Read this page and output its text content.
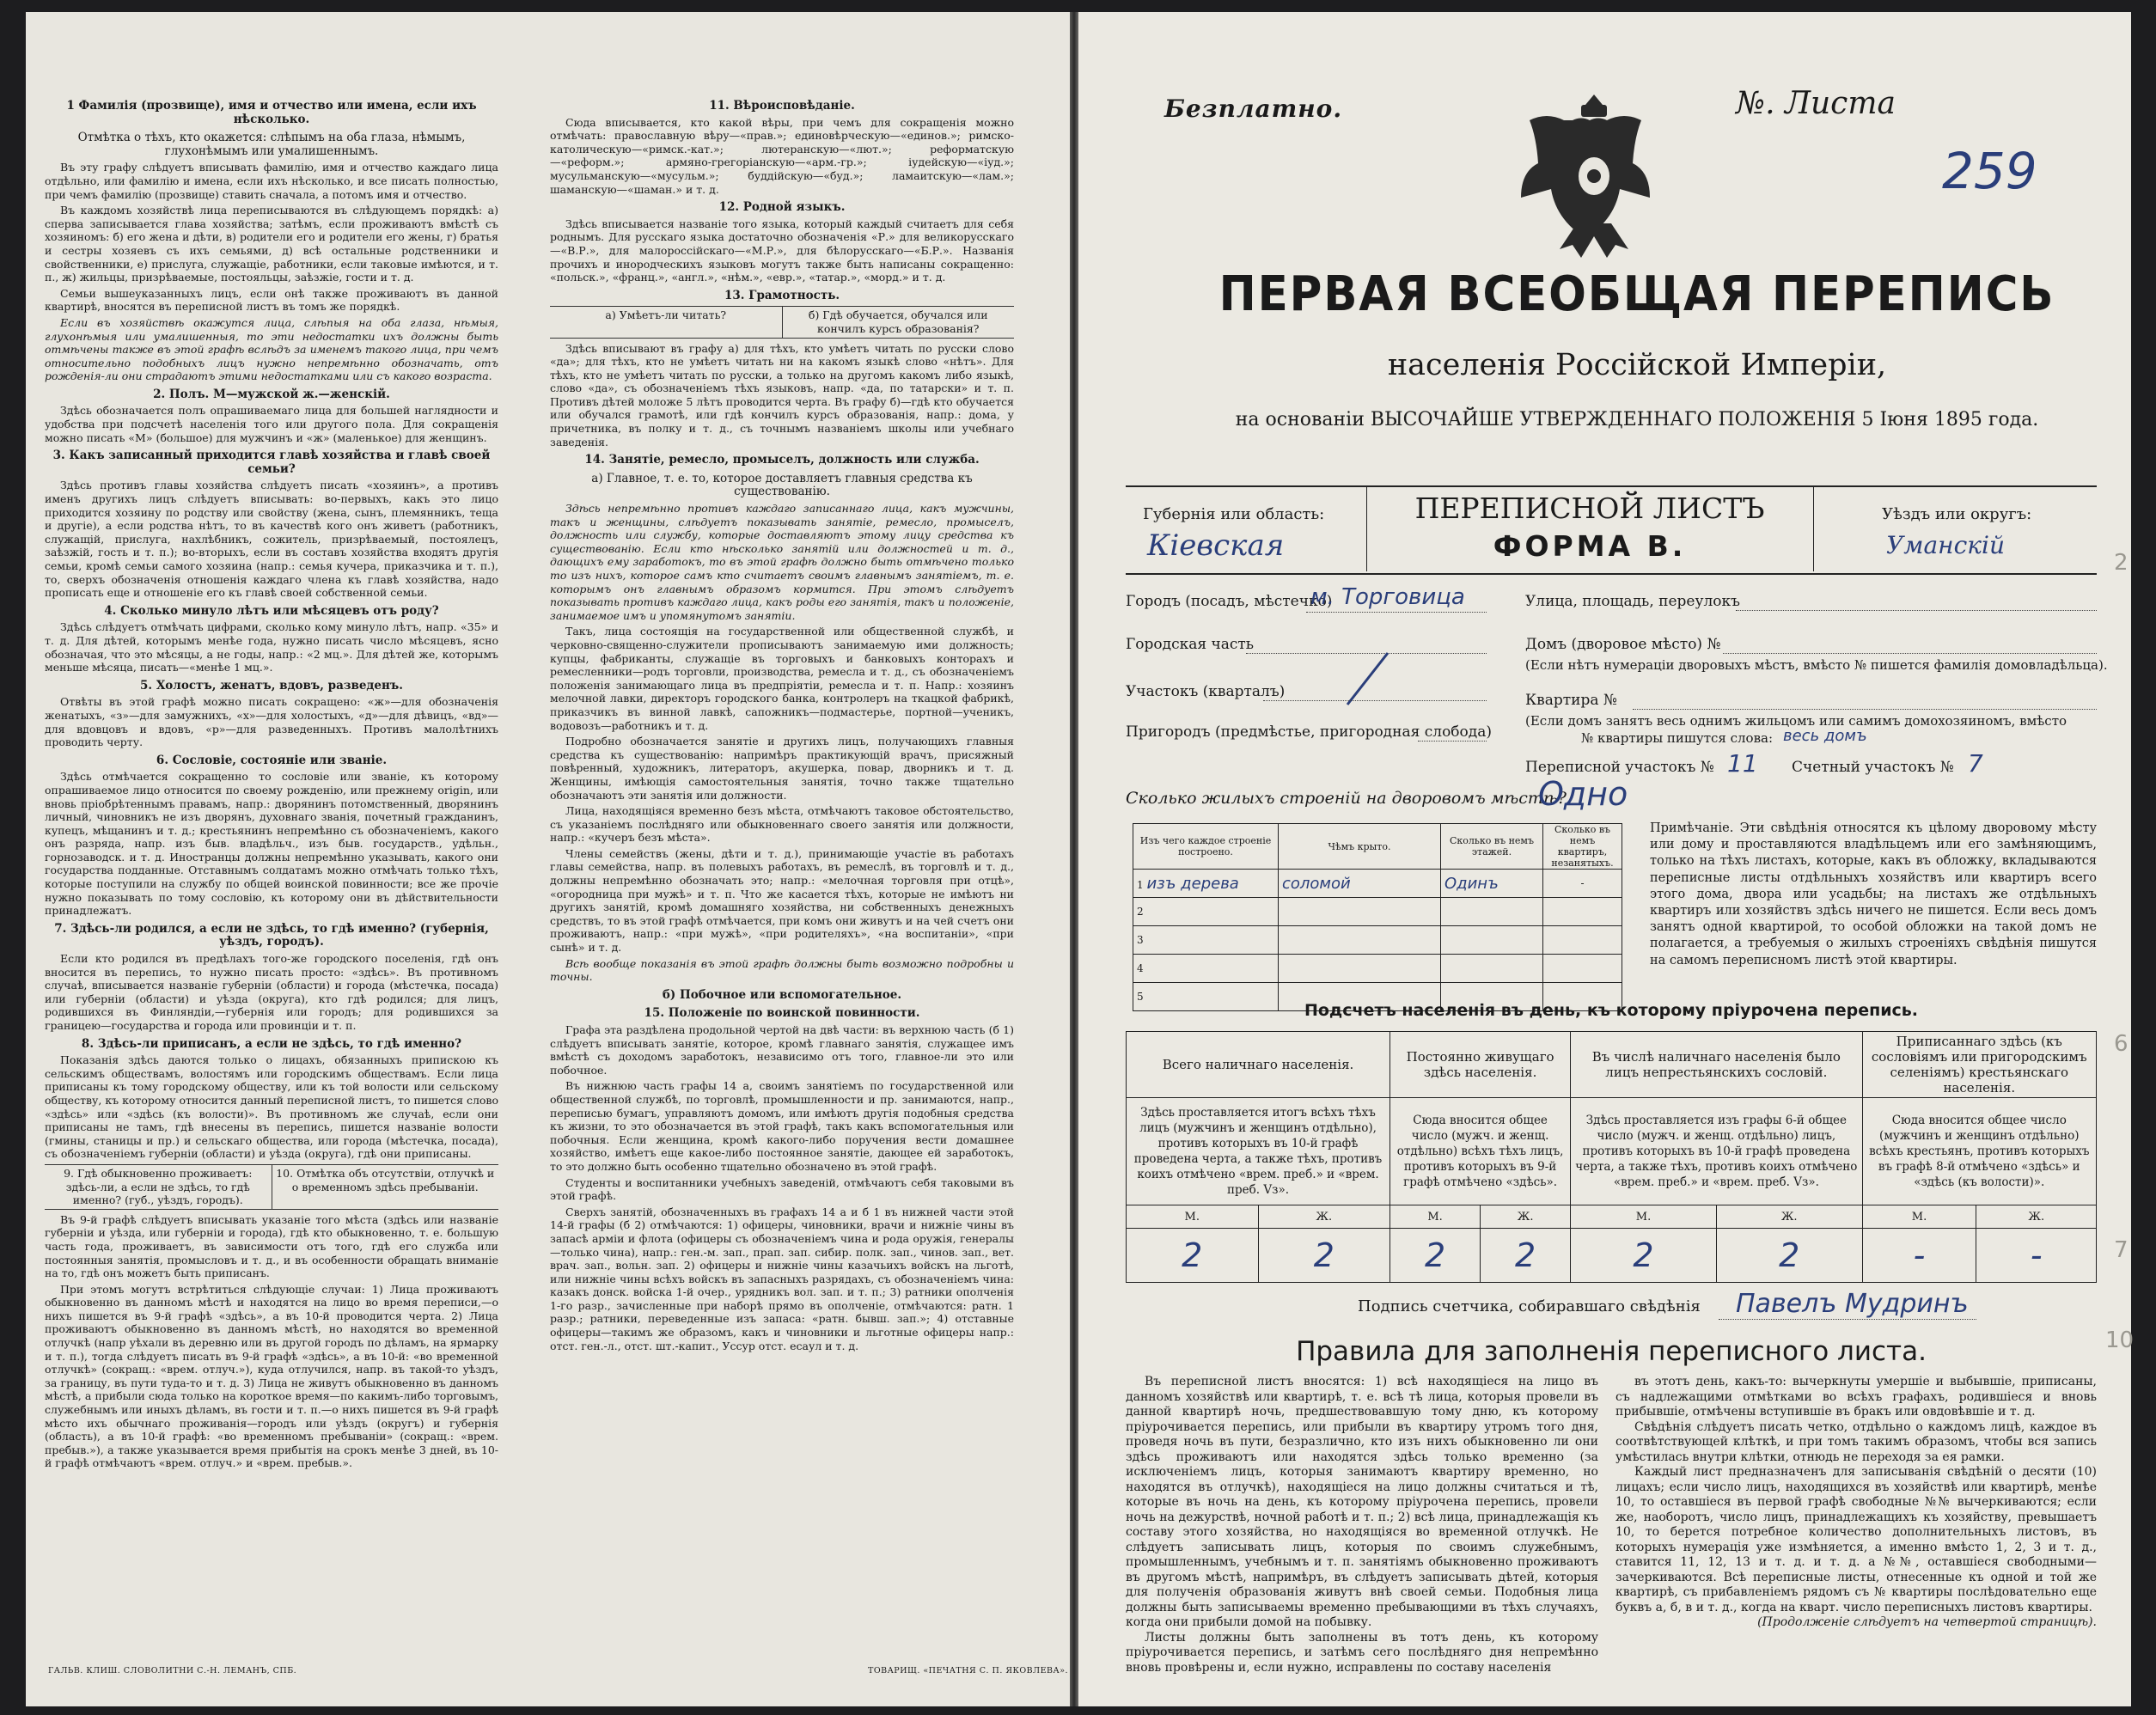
1 Фамилія (прозвище), имя и отчество или имена, если ихъ нѣсколько.
Отмѣтка о тѣхъ, кто окажется: слѣпымъ на оба глаза, нѣмымъ, глухонѣмымъ или умалишеннымъ.

Въ эту графу слѣдуетъ вписывать фамилію, имя и отчество каждаго лица отдѣльно, или фамилію и имена, если ихъ нѣсколько, и все писать полностью, при чемъ фамилію (прозвище) ставить сначала, а потомъ имя и отчество.

Въ каждомъ хозяйствѣ лица переписываются въ слѣдующемъ порядкѣ: а) сперва записывается глава хозяйства; затѣмъ, если проживаютъ вмѣстѣ съ хозяиномъ: б) его жена и дѣти, в) родители его и родители его жены, г) братья и сестры хозяевъ съ ихъ семьями, д) всѣ остальные родственники и свойственники, е) прислуга, служащіе, работники, если таковые имѣются, и т. п., ж) жильцы, призрѣваемые, постояльцы, заѣзжіе, гости и т. д.

Семьи вышеуказанныхъ лицъ, если онѣ также проживаютъ въ данной квартирѣ, вносятся въ переписной листъ въ томъ же порядкѣ.

Если въ хозяйствѣ окажутся лица, слѣпыя на оба глаза, нѣмыя, глухонѣмыя или умалишенныя, то эти недостатки ихъ должны быть отмѣчены также въ этой графѣ вслѣдъ за именемъ такого лица, при чемъ относительно подобныхъ лицъ нужно непремѣнно обозначать, отъ рожденія-ли они страдаютъ этими недостатками или съ какого возраста.

2. Полъ. М—мужской ж.—женскій.

Здѣсь обозначается полъ опрашиваемаго лица для большей наглядности и удобства при подсчетѣ населенія того или другого пола. Для сокращенія можно писать «М» (большое) для мужчинъ и «ж» (маленькое) для женщинъ.

3. Какъ записанный приходится главѣ хозяйства и главѣ своей семьи?

Здѣсь противъ главы хозяйства слѣдуетъ писать «хозяинъ», а противъ именъ другихъ лицъ слѣдуетъ вписывать: во-первыхъ, какъ это лицо приходится хозяину по родству или свойству (жена, сынъ, племянникъ, теща и другіе), а если родства нѣтъ, то въ качествѣ кого онъ живетъ (работникъ, служащій, прислуга, нахлѣбникъ, сожитель, призрѣваемый, постоялецъ, заѣзжій, гость и т. п.); во-вторыхъ, если въ составъ хозяйства входятъ другія семьи, кромѣ семьи самого хозяина (напр.: семья кучера, приказчика и т. п.), то, сверхъ обозначенія отношенія каждаго члена къ главѣ хозяйства, надо прописать еще и отношеніе его къ главѣ своей собственной семьи.

4. Сколько минуло лѣтъ или мѣсяцевъ отъ роду?

Здѣсь слѣдуетъ отмѣчать цифрами, сколько кому минуло лѣтъ, напр. «35» и т. д. Для дѣтей, которымъ менѣе года, нужно писать число мѣсяцевъ, ясно обозначая, что это мѣсяцы, а не годы, напр.: «2 мц.». Для дѣтей же, которымъ меньше мѣсяца, писать—«менѣе 1 мц.».

5. Холостъ, женатъ, вдовъ, разведенъ.

Отвѣты въ этой графѣ можно писать сокращено: «ж»—для обозначенія женатыхъ, «з»—для замужнихъ, «х»—для холостыхъ, «д»—для дѣвицъ, «вд»—для вдовцовъ и вдовъ, «р»—для разведенныхъ. Противъ малолѣтнихъ проводить черту.

6. Сословіе, состояніе или званіе.

Здѣсь отмѣчается сокращенно то сословіе или званіе, къ которому опрашиваемое лицо относится по своему рожденію, или прежнему origin, или вновь пріобрѣтеннымъ правамъ, напр.: дворянинъ потомственный, дворянинъ личный, чиновникъ не изъ дворянъ, духовнаго званія, почетный гражданинъ, купецъ, мѣщанинъ и т. д.; крестьянинъ непремѣнно съ обозначеніемъ, какого онъ разряда, напр. изъ быв. владѣльч., изъ быв. государств., удѣльн., горнозаводск. и т. д. Иностранцы должны непремѣнно указывать, какого они государства подданные. Отставнымъ солдатамъ можно отмѣчать только тѣхъ, которые поступили на службу по общей воинской повинности; все же прочіе нужно показывать по тому сословію, къ которому они въ дѣйствительности принадлежатъ.

7. Здѣсь-ли родился, а если не здѣсь, то гдѣ именно? (губернія, уѣздъ, городъ).

Если кто родился въ предѣлахъ того-же городского поселенія, гдѣ онъ вносится въ перепись, то нужно писать просто: «здѣсь». Въ противномъ случаѣ, вписывается названіе губерніи (области) и города (мѣстечка, посада) или губерніи (области) и уѣзда (округа), кто гдѣ родился; для лицъ, родившихся въ Финляндіи,—губернія или городъ; для родившихся за границею—государства и города или провинціи и т. п.

8. Здѣсь-ли приписанъ, а если не здѣсь, то гдѣ именно?

Показанія здѣсь даются только о лицахъ, обязанныхъ припискою къ сельскимъ обществамъ, волостямъ или городскимъ обществамъ. Если лица приписаны къ тому городскому обществу, или къ той волости или сельскому обществу, къ которому относится данный переписной листъ, то пишется слово «здѣсь» или «здѣсь (къ волости)». Въ противномъ же случаѣ, если они приписаны не тамъ, гдѣ внесены въ перепись, пишется названіе волости (гмины, станицы и пр.) и сельскаго общества, или города (мѣстечка, посада), съ обозначеніемъ губерніи (области) и уѣзда (округа), гдѣ они приписаны.

9. Гдѣ обыкновенно проживаетъ: здѣсь-ли, а если не здѣсь, то гдѣ именно? (губ., уѣздъ, городъ).
10. Отмѣтка объ отсутствіи, отлучкѣ и о временномъ здѣсь пребываніи.

Въ 9-й графѣ слѣдуетъ вписывать указаніе того мѣста (здѣсь или названіе губерніи и уѣзда, или губерніи и города), гдѣ кто обыкновенно, т. е. большую часть года, проживаетъ, въ зависимости отъ того, гдѣ его служба или постоянныя занятія, промысловъ и т. д., и въ особенности обращать вниманіе на то, гдѣ онъ можетъ быть приписанъ.

При этомъ могутъ встрѣтиться слѣдующіе случаи: 1) Лица проживаютъ обыкновенно въ данномъ мѣстѣ и находятся на лицо во время переписи,—о нихъ пишется въ 9-й графѣ «здѣсь», а въ 10-й проводится черта. 2) Лица проживаютъ обыкновенно въ данномъ мѣстѣ, но находятся во временной отлучкѣ (напр уѣхали въ деревню или въ другой городъ по дѣламъ, на ярмарку и т. п.), тогда слѣдуетъ писать въ 9-й графѣ «здѣсь», а въ 10-й: «во временной отлучкѣ» (сокращ.: «врем. отлуч.»), куда отлучился, напр. въ такой-то уѣздъ, за границу, въ пути туда-то и т. д. 3) Лица не живутъ обыкновенно въ данномъ мѣстѣ, а прибыли сюда только на короткое время—по какимъ-либо торговымъ, служебнымъ или иныхъ дѣламъ, въ гости и т. п.—о нихъ пишется въ 9-й графѣ мѣсто ихъ обычнаго проживанія—городъ или уѣздъ (округъ) и губернія (область), а въ 10-й графѣ: «во временномъ пребываніи» (сокращ.: «врем. пребыв.»), а также указывается время прибытія на срокъ менѣе 3 дней, въ 10-й графѣ отмѣчаютъ «врем. отлуч.» и «врем. пребыв.».

11. Вѣроисповѣданіе.

Сюда вписывается, кто какой вѣры, при чемъ для сокращенія можно отмѣчать: православную вѣру—«прав.»; единовѣрческую—«единов.»; римско-католическую—«римск.-кат.»; лютеранскую—«лют.»; реформатскую—«реформ.»; армяно-грегоріанскую—«арм.-гр.»; іудейскую—«іуд.»; мусульманскую—«мусульм.»; буддійскую—«буд.»; ламаитскую—«лам.»; шаманскую—«шаман.» и т. д.

12. Родной языкъ.

Здѣсь вписывается названіе того языка, который каждый считаетъ для себя роднымъ. Для русскаго языка достаточно обозначенія «Р.» для великорусскаго—«В.Р.», для малороссійскаго—«М.Р.», для бѣлорусскаго—«Б.Р.». Названія прочихъ и инородческихъ языковъ могутъ также быть написаны сокращенно: «польск.», «франц.», «англ.», «нѣм.», «евр.», «татар.», «морд.» и т. д.

13. Грамотность.
а) Умѣетъ-ли читать?	б) Гдѣ обучается, обучался или кончилъ курсъ образованія?

Здѣсь вписывают въ графу а) для тѣхъ, кто умѣетъ читать по русски слово «да»; для тѣхъ, кто не умѣетъ читать ни на какомъ языкѣ слово «нѣтъ». Для тѣхъ, кто не умѣетъ читать по русски, а только на другомъ какомъ либо языкѣ, слово «да», съ обозначеніемъ тѣхъ языковъ, напр. «да, по татарски» и т. п. Противъ дѣтей моложе 5 лѣтъ проводится черта. Въ графу б)—гдѣ кто обучается или обучался грамотѣ, или гдѣ кончилъ курсъ образованія, напр.: дома, у причетника, въ полку и т. д., съ точнымъ названіемъ школы или учебнаго заведенія.

14. Занятіе, ремесло, промыселъ, должность или служба.
а) Главное, т. е. то, которое доставляетъ главныя средства къ существованію.

Здѣсь непремѣнно противъ каждаго записаннаго лица, какъ мужчины, такъ и женщины, слѣдуетъ показывать занятіе, ремесло, промыселъ, должность или службу, которые доставляютъ этому лицу средства къ существованію. Если кто нѣсколько занятій или должностей и т. д., дающихъ ему заработокъ, то въ этой графѣ должно быть отмѣчено только то изъ нихъ, которое самъ кто считаетъ своимъ главнымъ занятіемъ, т. е. которымъ онъ главнымъ образомъ кормится. При этомъ слѣдуетъ показывать противъ каждаго лица, какъ роды его занятія, такъ и положеніе, занимаемое имъ и упомянутомъ занятіи.

Такъ, лица состоящія на государственной или общественной службѣ, и черковно-священно-служители прописываютъ занимаемую ими должность; купцы, фабриканты, служащіе въ торговыхъ и банковыхъ конторахъ и ремесленники—родъ торговли, производства, ремесла и т. д., съ обозначеніемъ положенія занимающаго лица въ предпріятіи, ремесла и т. п. Напр.: хозяинъ мелочной лавки, директоръ городского банка, контролеръ на ткацкой фабрикѣ, приказчикъ въ винной лавкѣ, сапожникъ—подмастерье, портной—ученикъ, водовозъ—работникъ и т. д.

Подробно обозначается занятіе и другихъ лицъ, получающихъ главныя средства къ существованію: напримѣръ практикующій врачъ, присяжный повѣренный, художникъ, литераторъ, акушерка, повар, дворникъ и т. д. Женщины, имѣющія самостоятельныя занятія, точно также тщательно обозначаютъ эти занятія или должности.

Лица, находящіяся временно безъ мѣста, отмѣчаютъ таковое обстоятельство, съ указаніемъ послѣдняго или обыкновеннаго своего занятія или должности, напр.: «кучеръ безъ мѣста».

Члены семействъ (жены, дѣти и т. д.), принимающіе участіе въ работахъ главы семейства, напр. въ полевыхъ работахъ, въ ремеслѣ, въ торговлѣ и т. д., должны непремѣнно обозначать это; напр.: «мелочная торговля при отцѣ», «огородница при мужѣ» и т. п. Что же касается тѣхъ, которые не имѣютъ ни другихъ занятій, кромѣ домашняго хозяйства, ни собственныхъ денежныхъ средствъ, то въ этой графѣ отмѣчается, при комъ они живутъ и на чей счетъ они проживаютъ, напр.: «при мужѣ», «при родителяхъ», «на воспитаніи», «при сынѣ» и т. д.

Всѣ вообще показанія въ этой графѣ должны быть возможно подробны и точны.

б) Побочное или вспомогательное.
15. Положеніе по воинской повинности.

Графа эта раздѣлена продольной чертой на двѣ части: въ верхнюю часть (б 1) слѣдуетъ вписывать занятіе, которое, кромѣ главнаго занятія, служащее имъ вмѣстѣ съ доходомъ заработокъ, независимо отъ того, главное-ли это или побочное.

Въ нижнюю часть графы 14 а, своимъ занятіемъ по государственной или общественной службѣ, по торговлѣ, промышленности и пр. занимаются, напр., переписью бумагъ, управляютъ домомъ, или имѣютъ другія подобныя средства къ жизни, то это обозначается въ этой графѣ, такъ какъ вспомогательныя или побочныя. Если женщина, кромѣ какого-либо поручения вести домашнее хозяйство, имѣетъ еще какое-либо постоянное занятіе, дающее ей заработокъ, то это должно быть особенно тщательно обозначено въ этой графѣ.

Студенты и воспитанники учебныхъ заведеній, отмѣчаютъ себя таковыми въ этой графѣ.

Сверхъ занятій, обозначенныхъ въ графахъ 14 а и б 1 въ нижней части этой 14-й графы (б 2) отмѣчаются: 1) офицеры, чиновники, врачи и нижніе чины въ запасѣ арміи и флота (офицеры съ обозначеніемъ чина и рода оружія, генералы—только чина), напр.: ген.-м. зап., прап. зап. сибир. полк. зап., чинов. зап., вет. врач. зап., вольн. зап. 2) офицеры и нижніе чины казачьихъ войскъ на льготѣ, или нижніе чины всѣхъ войскъ въ запасныхъ разрядахъ, съ обозначеніемъ чина: казакъ донск. войска 1-й очер., урядникъ вол. зап. и т. п.; 3) ратники ополченія 1-го разр., зачисленные при наборѣ прямо въ ополченіе, отмѣчаются: ратн. 1 разр.; ратники, переведенные изъ запаса: «ратн. бывш. зап.»; 4) отставные офицеры—такимъ же образомъ, какъ и чиновники и льготные офицеры напр.: отст. ген.-л., отст. шт.-капит., Уссур отст. есаул и т. д.

ГАЛЬВ. КЛИШ. СЛОВОЛИТНИ С.-Н. ЛЕМАНЪ, СПБ.	ТОВАРИЩ. «ПЕЧАТНЯ С. П. ЯКОВЛЕВА».
Безплатно.	№. Листа
259
ПЕРВАЯ ВСЕОБЩАЯ ПЕРЕПИСЬ
населенія Россійской Имперіи,
на основаніи ВЫСОЧАЙШЕ УТВЕРЖДЕННАГО ПОЛОЖЕНІЯ 5 Іюня 1895 года.
ПЕРЕПИСНОЙ ЛИСТЪ
ФОРМА В.
Губернія или область:
Кіевская
Уѣздъ или округъ:
Уманскій
Городъ (посадъ, мѣстечко)
м. Торговица
Городская часть
Участокъ (кварталъ)
Пригородъ (предмѣстье, пригородная слобода)
Улица, площадь, переулокъ
Домъ (дворовое мѣсто) №
(Если нѣтъ нумераціи дворовыхъ мѣстъ, вмѣсто № пишется фамилія домовладѣльца).
Квартира №
(Если домъ занятъ весь однимъ жильцомъ или самимъ домохозяиномъ, вмѣсто
№ квартиры пишутся слова: весь домъ
Переписной участокъ № 11 Счетный участокъ № 7
Сколько жилыхъ строеній на дворовомъ мѣстѣ?
Одно
Изъ чего каждое строеніе построено.	Чѣмъ крыто.	Сколько въ немъ этажей.	Сколько въ немъ квартиръ, незанятыхъ.
1 изъ дерева	соломой	Одинъ	-
2			
3			
4			
5			
Примѣчаніе. Эти свѣдѣнія относятся къ цѣлому дворовому мѣсту или дому и проставляются владѣльцемъ или его замѣняющимъ, только на тѣхъ листахъ, которые, какъ въ обложку, вкладываются переписные листы отдѣльныхъ хозяйствъ или квартиръ всего этого дома, двора или усадьбы; на листахъ же отдѣльныхъ квартиръ или хозяйствъ здѣсь ничего не пишется. Если весь домъ занятъ одной квартирой, то особой обложки на такой домъ не полагается, а требуемыя о жилыхъ строеніяхъ свѣдѣнія пишутся на самомъ переписномъ листѣ этой квартиры.
Подсчетъ населенія въ день, къ которому пріурочена перепись.
Всего наличнаго населенія.		Постоянно живущаго здѣсь населенія.		Въ числѣ наличнаго населенія было лицъ непрестьянскихъ сословій.		Приписаннаго здѣсь (къ сословіямъ или пригородскимъ селеніямъ) крестьянскаго населенія.	
Здѣсь проставляется итогъ всѣхъ тѣхъ лицъ (мужчинъ и женщинъ отдѣльно), противъ которыхъ въ 10-й графѣ проведена черта, а также тѣхъ, противъ коихъ отмѣчено «врем. преб.» и «врем. преб. Vз».		Сюда вносится общее число (мужч. и женщ. отдѣльно) всѣхъ тѣхъ лицъ, противъ которыхъ въ 9-й графѣ отмѣчено «здѣсь».		Здѣсь проставляется изъ графы 6-й общее число (мужч. и женщ. отдѣльно) лицъ, противъ которыхъ въ 10-й графѣ проведена черта, а также тѣхъ, противъ коихъ отмѣчено «врем. преб.» и «врем. преб. Vз».		Сюда вносится общее число (мужчинъ и женщинъ отдѣльно) всѣхъ крестьянъ, противъ которыхъ въ графѣ 8-й отмѣчено «здѣсь» и «здѣсь (къ волости)».	
М.	Ж.	М.	Ж.	М.	Ж.	М.	Ж.
2	2	2	2	2	2	-	-
Подпись счетчика, собиравшаго свѣдѣнія Павелъ Мудринъ
Правила для заполненія переписного листа.

Въ переписной листъ вносятся: 1) всѣ находящіеся на лицо въ данномъ хозяйствѣ или квартирѣ, т. е. всѣ тѣ лица, которыя провели въ данной квартирѣ ночь, предшествовавшую тому дню, къ которому пріурочивается перепись, или прибыли въ квартиру утромъ того дня, проведя ночь въ пути, безразлично, кто изъ нихъ обыкновенно ли они здѣсь проживаютъ или находятся здѣсь только временно (за исключеніемъ лицъ, которыя занимаютъ квартиру временно, но находятся въ отлучкѣ), находящіеся на лицо должны считаться и тѣ, которые въ ночь на день, къ которому пріурочена перепись, провели ночь на дежурствѣ, ночной работѣ и т. п.; 2) всѣ лица, принадлежащія къ составу этого хозяйства, но находящіяся во временной отлучкѣ. Не слѣдуетъ записывать лицъ, которыя по своимъ служебнымъ, промышленнымъ, учебнымъ и т. п. занятіямъ обыкновенно проживаютъ въ другомъ мѣстѣ, напримѣръ, въ слѣдуетъ записывать дѣтей, которыя для полученія образованія живутъ внѣ своей семьи. Подобныя лица должны быть записываемы временно пребывающими въ тѣхъ случаяхъ, когда они прибыли домой на побывку.

Листы должны быть заполнены въ тотъ день, къ которому пріурочивается перепись, и затѣмъ сего послѣдняго дня непремѣнно вновь провѣрены и, если нужно, исправлены по составу населенія

въ этотъ день, какъ-то: вычеркнуты умершіе и выбывшіе, приписаны, съ надлежащими отмѣтками во всѣхъ графахъ, родившіеся и вновь прибывшіе, отмѣчены вступившіе въ бракъ или овдовѣвшіе и т. д.

Свѣдѣнія слѣдуетъ писать четко, отдѣльно о каждомъ лицѣ, каждое въ соотвѣтствующей клѣткѣ, и при томъ такимъ образомъ, чтобы вся запись умѣстилась внутри клѣтки, отнюдь не переходя за ея рамки.

Каждый лист предназначенъ для записыванія свѣдѣній о десяти (10) лицахъ; если число лицъ, находящихся въ хозяйствѣ или квартирѣ, менѣе 10, то оставшіеся въ первой графѣ свободные №№ вычеркиваются; если же, наоборотъ, число лицъ, принадлежащихъ къ хозяйству, превышаетъ 10, то берется потребное количество дополнительныхъ листовъ, въ которыхъ нумерація уже измѣняется, а именно вмѣсто 1, 2, 3 и т. д., ставится 11, 12, 13 и т. д. и т. д. а №№, оставшіеся свободными—зачеркиваются. Всѣ переписные листы, отнесенные къ одной и той же квартирѣ, съ прибавленіемъ рядомъ съ № квартиры послѣдовательно еще буквъ а, б, в и т. д., когда на кварт. число переписныхъ листовъ квартиры.

(Продолженіе слѣдуетъ на четвертой страницѣ).
2
6
7
10
